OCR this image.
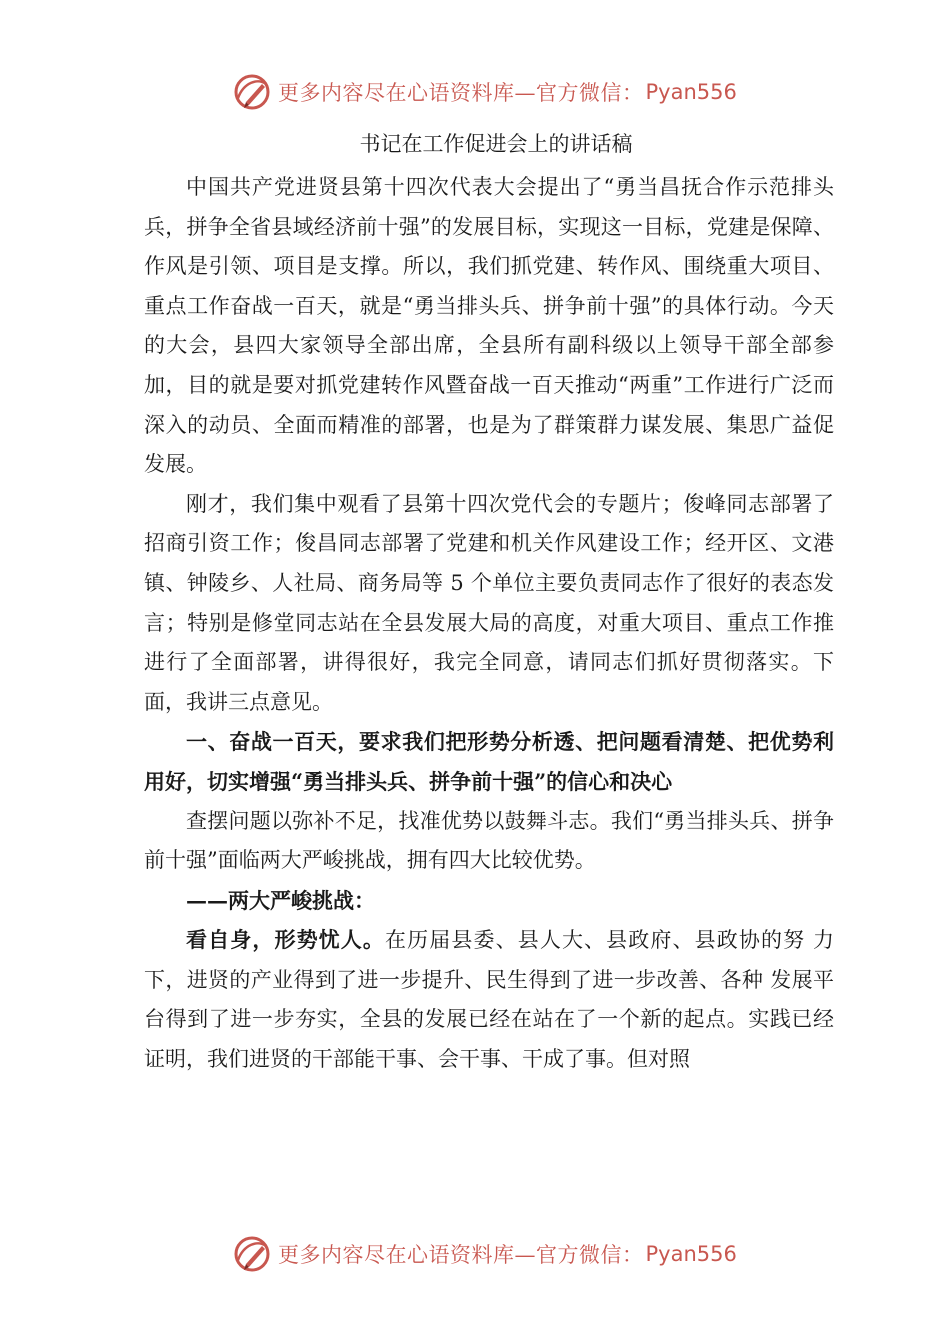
更多内容尽在心语资料库—官方微信： Pyan556
书记在工作促进会上的讲话稿

中国共产党进贤县第十四次代表大会提出了“勇当昌抚合作示范排头兵，拼争全省县域经济前十强”的发展目标，实现这一目标，党建是保障、作风是引领、项目是支撑。所以，我们抓党建、转作风、围绕重大项目、重点工作奋战一百天，就是“勇当排头兵、拼争前十强”的具体行动。今天的大会，县四大家领导全部出席，全县所有副科级以上领导干部全部参加，目的就是要对抓党建转作风暨奋战一百天推动“两重”工作进行广泛而深入的动员、全面而精准的部署，也是为了群策群力谋发展、集思广益促发展。

刚才，我们集中观看了县第十四次党代会的专题片；俊峰同志部署了招商引资工作；俊昌同志部署了党建和机关作风建设工作；经开区、文港镇、钟陵乡、人社局、商务局等 5 个单位主要负责同志作了很好的表态发言；特别是修堂同志站在全县发展大局的高度，对重大项目、重点工作推进行了全面部署，讲得很好，我完全同意，请同志们抓好贯彻落实。下面，我讲三点意见。

一、奋战一百天，要求我们把形势分析透、把问题看清楚、把优势利用好，切实增强“勇当排头兵、拼争前十强”的信心和决心

查摆问题以弥补不足，找准优势以鼓舞斗志。我们“勇当排头兵、拼争前十强”面临两大严峻挑战，拥有四大比较优势。

——两大严峻挑战：

看自身，形势忧人。在历届县委、县人大、县政府、县政协的努 力下，进贤的产业得到了进一步提升、民生得到了进一步改善、各种 发展平台得到了进一步夯实，全县的发展已经在站在了一个新的起点。实践已经证明，我们进贤的干部能干事、会干事、干成了事。但对照

更多内容尽在心语资料库—官方微信： Pyan556
